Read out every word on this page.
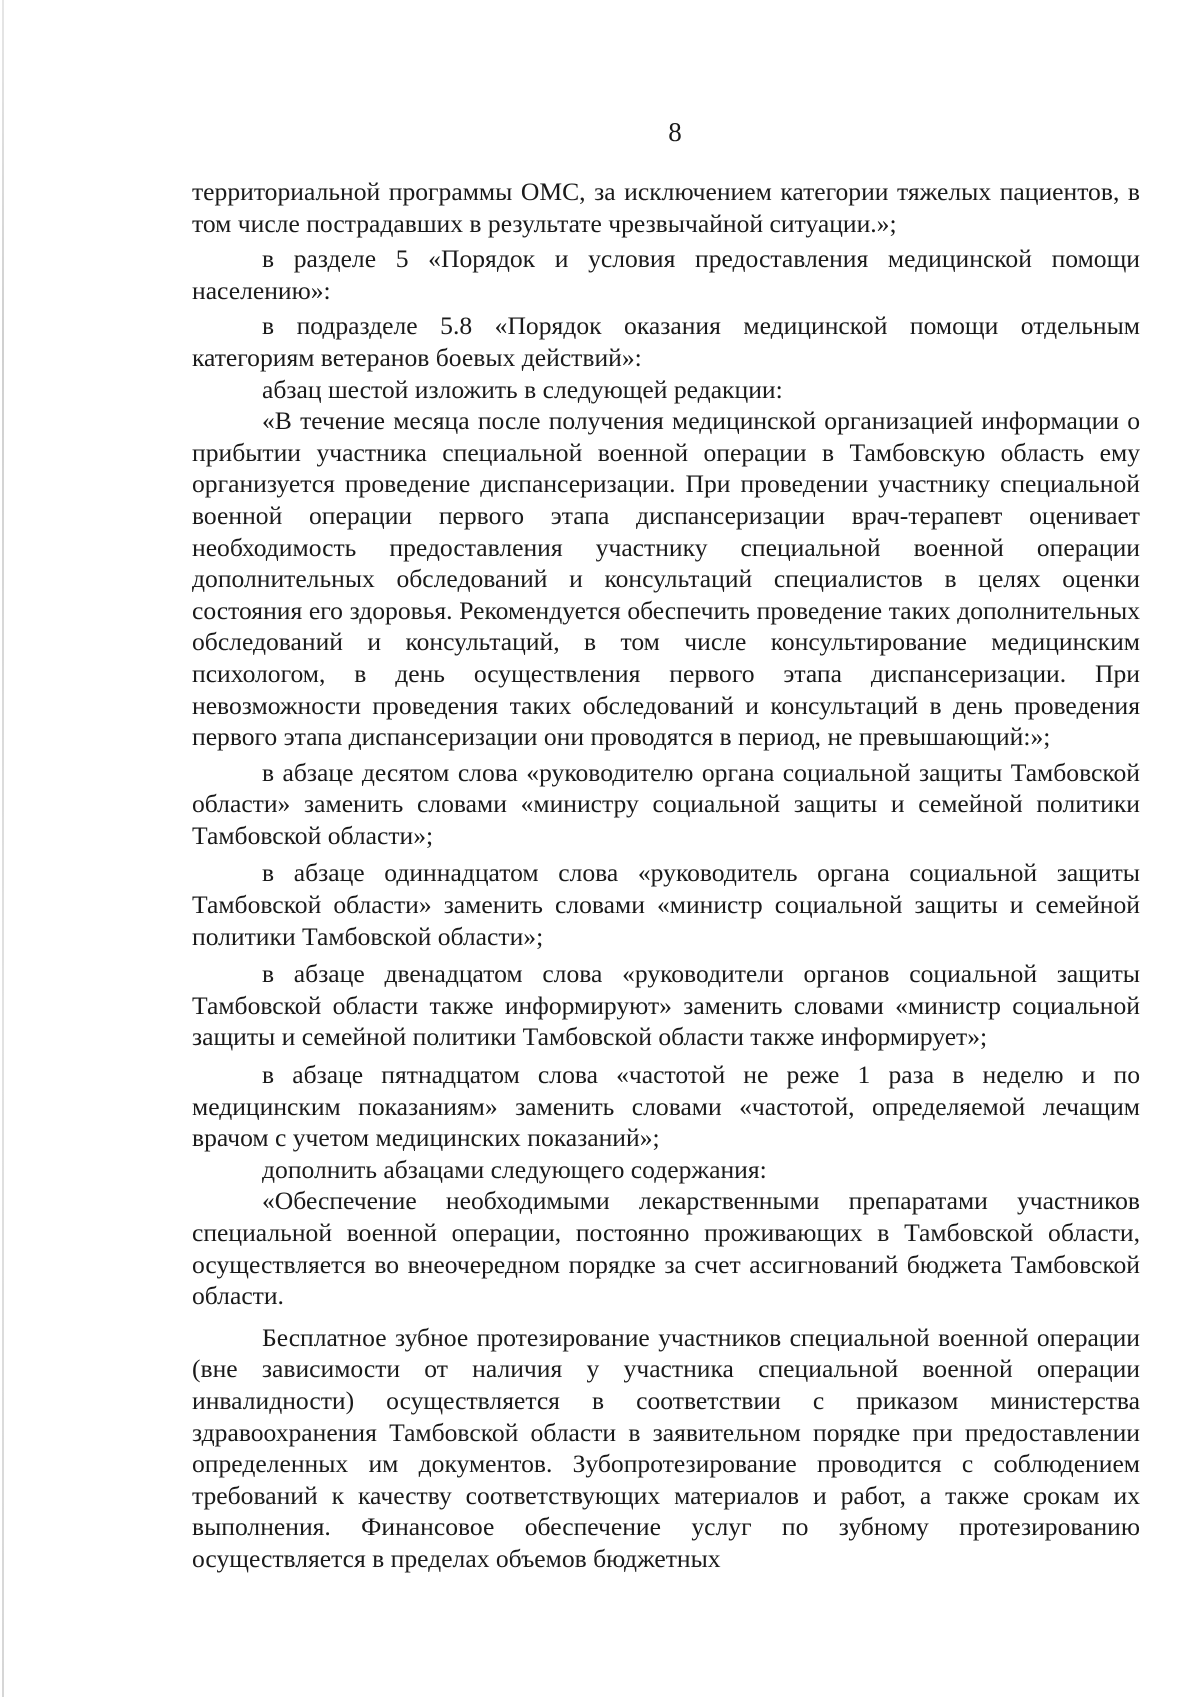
8

территориальной программы ОМС, за исключением категории тяжелых пациентов, в том числе пострадавших в результате чрезвычайной ситуации.»;

в разделе 5 «Порядок и условия предоставления медицинской помощи населению»:

в подразделе 5.8 «Порядок оказания медицинской помощи отдельным категориям ветеранов боевых действий»:

абзац шестой изложить в следующей редакции:

«В течение месяца после получения медицинской организацией информации о прибытии участника специальной военной операции в Тамбовскую область ему организуется проведение диспансеризации. При проведении участнику специальной военной операции первого этапа диспансеризации врач-терапевт оценивает необходимость предоставления участнику специальной военной операции дополнительных обследований и консультаций специалистов в целях оценки состояния его здоровья. Рекомендуется обеспечить проведение таких дополнительных обследований и консультаций, в том числе консультирование медицинским психологом, в день осуществления первого этапа диспансеризации. При невозможности проведения таких обследований и консультаций в день проведения первого этапа диспансеризации они проводятся в период, не превышающий:»;

в абзаце десятом слова «руководителю органа социальной защиты Тамбовской области» заменить словами «министру социальной защиты и семейной политики Тамбовской области»;

в абзаце одиннадцатом слова «руководитель органа социальной защиты Тамбовской области» заменить словами «министр социальной защиты и семейной политики Тамбовской области»;

в абзаце двенадцатом слова «руководители органов социальной защиты Тамбовской области также информируют» заменить словами «министр социальной защиты и семейной политики Тамбовской области также информирует»;

в абзаце пятнадцатом слова «частотой не реже 1 раза в неделю и по медицинским показаниям» заменить словами «частотой, определяемой лечащим врачом с учетом медицинских показаний»;

дополнить абзацами следующего содержания:

«Обеспечение необходимыми лекарственными препаратами участников специальной военной операции, постоянно проживающих в Тамбовской области, осуществляется во внеочередном порядке за счет ассигнований бюджета Тамбовской области.

Бесплатное зубное протезирование участников специальной военной операции (вне зависимости от наличия у участника специальной военной операции инвалидности) осуществляется в соответствии с приказом министерства здравоохранения Тамбовской области в заявительном порядке при предоставлении определенных им документов. Зубопротезирование проводится с соблюдением требований к качеству соответствующих материалов и работ, а также срокам их выполнения. Финансовое обеспечение услуг по зубному протезированию осуществляется в пределах объемов бюджетных
